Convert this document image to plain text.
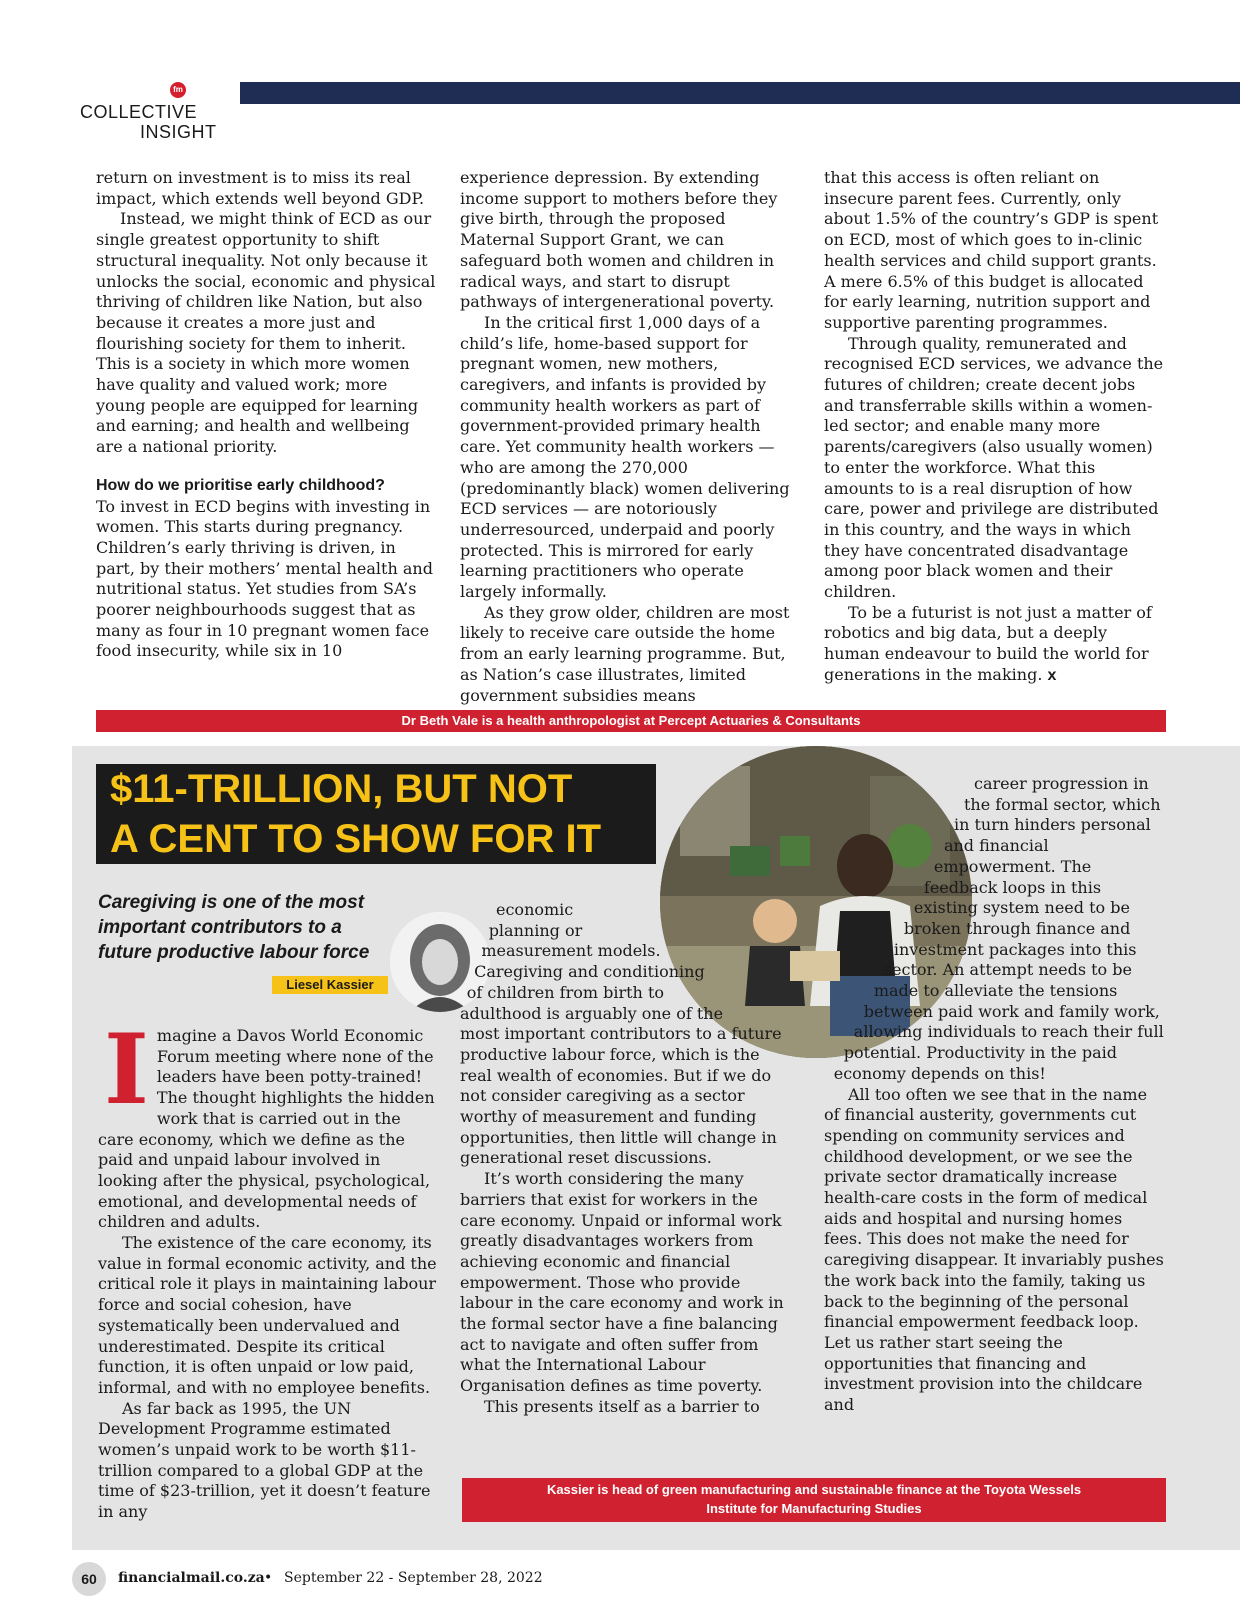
fm
COLLECTIVE
INSIGHT

return on investment is to miss its real impact, which extends well beyond GDP.

Instead, we might think of ECD as our single greatest opportunity to shift structural inequality. Not only because it unlocks the social, economic and physical thriving of children like Nation, but also because it creates a more just and flourishing society for them to inherit. This is a society in which more women have quality and valued work; more young people are equipped for learning and earning; and health and wellbeing are a national priority.

How do we prioritise early childhood?

To invest in ECD begins with investing in women. This starts during pregnancy. Children’s early thriving is driven, in part, by their mothers’ mental health and nutritional status. Yet studies from SA’s poorer neighbourhoods suggest that as many as four in 10 pregnant women face food insecurity, while six in 10

experience depression. By extending income support to mothers before they give birth, through the proposed Maternal Support Grant, we can safeguard both women and children in radical ways, and start to disrupt pathways of intergenerational poverty.

In the critical first 1,000 days of a child’s life, home-based support for pregnant women, new mothers, caregivers, and infants is provided by community health workers as part of government-provided primary health care. Yet community health workers — who are among the 270,000 (predominantly black) women delivering ECD services — are notoriously underresourced, underpaid and poorly protected. This is mirrored for early learning practitioners who operate largely informally.

As they grow older, children are most likely to receive care outside the home from an early learning programme. But, as Nation’s case illustrates, limited government subsidies means

that this access is often reliant on insecure parent fees. Currently, only about 1.5% of the country’s GDP is spent on ECD, most of which goes to in-clinic health services and child support grants. A mere 6.5% of this budget is allocated for early learning, nutrition support and supportive parenting programmes.

Through quality, remunerated and recognised ECD services, we advance the futures of children; create decent jobs and transferrable skills within a women-led sector; and enable many more parents/caregivers (also usually women) to enter the workforce. What this amounts to is a real disruption of how care, power and privilege are distributed in this country, and the ways in which they have concentrated disadvantage among poor black women and their children.

To be a futurist is not just a matter of robotics and big data, but a deeply human endeavour to build the world for generations in the making. x

Dr Beth Vale is a health anthropologist at Percept Actuaries & Consultants
$11-TRILLION, BUT NOT
A CENT TO SHOW FOR IT
Caregiving is one of the most important contributors to a future productive labour force
Liesel Kassier

Imagine a Davos World Economic Forum meeting where none of the leaders have been potty-trained! The thought highlights the hidden work that is carried out in the care economy, which we define as the paid and unpaid labour involved in looking after the physical, psychological, emotional, and developmental needs of children and adults.

The existence of the care economy, its value in formal economic activity, and the critical role it plays in maintaining labour force and social cohesion, have systematically been undervalued and underestimated. Despite its critical function, it is often unpaid or low paid, informal, and with no employee benefits.

As far back as 1995, the UN Development Programme estimated women’s unpaid work to be worth $11-trillion compared to a global GDP at the time of $23-trillion, yet it doesn’t feature in any

economic planning or measurement models. Caregiving and conditioning of children from birth to adulthood is arguably one of the most important contributors to a future productive labour force, which is the real wealth of economies. But if we do not consider caregiving as a sector worthy of measurement and funding opportunities, then little will change in generational reset discussions.

It’s worth considering the many barriers that exist for workers in the care economy. Unpaid or informal work greatly disadvantages workers from achieving economic and financial empowerment. Those who provide labour in the care economy and work in the formal sector have a fine balancing act to navigate and often suffer from what the International Labour Organisation defines as time poverty.

This presents itself as a barrier to

career progression in the formal sector, which in turn hinders personal and financial empowerment. The feedback loops in this existing system need to be broken through finance and investment packages into this sector. An attempt needs to be made to alleviate the tensions between paid work and family work, allowing individuals to reach their full potential. Productivity in the paid economy depends on this!

All too often we see that in the name of financial austerity, governments cut spending on community services and childhood development, or we see the private sector dramatically increase health-care costs in the form of medical aids and hospital and nursing homes fees. This does not make the need for caregiving disappear. It invariably pushes the work back into the family, taking us back to the beginning of the personal financial empowerment feedback loop. Let us rather start seeing the opportunities that financing and investment provision into the childcare and

Kassier is head of green manufacturing and sustainable finance at the Toyota Wessels
Institute for Manufacturing Studies
60	financialmail.co.za • September 22 - September 28, 2022
